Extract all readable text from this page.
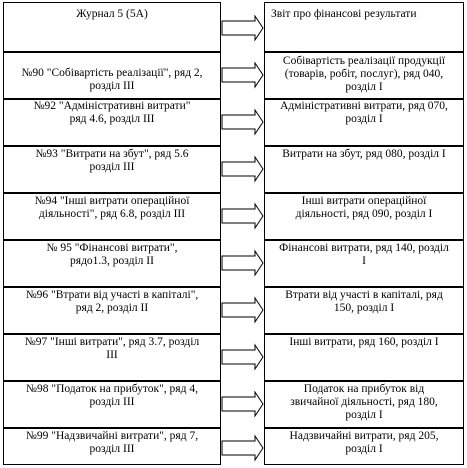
Журнал 5 (5А)	Звіт про фінансові результати
№90 "Собівартість реалізації", ряд 2,
розділ III
Собівартість реалізації продукції
(товарів, робіт, послуг), ряд 040,
розділ I
№92 "Адміністративні витрати"
ряд 4.6, розділ III
Адміністративні витрати, ряд 070,
розділ I
№93 "Витрати на збут", ряд 5.6
розділ III
Витрати на збут, ряд 080, розділ I
№94 "Інші витрати операційної
діяльності", ряд 6.8, розділ III
Інші витрати операційної
діяльності, ряд 090, розділ I
№ 95 "Фінансові витрати",
рядо1.3, розділ II
Фінансові витрати, ряд 140, розділ
I
№96 "Втрати від участі в капіталі",
ряд 2, розділ II
Втрати від участі в капіталі, ряд
150, розділ I
№97 "Інші витрати", ряд 3.7, розділ
III
Інші витрати, ряд 160, розділ I
№98 "Податок на прибуток", ряд 4,
розділ III
Податок на прибуток від
звичайної діяльності, ряд 180,
розділ I
№99 "Надзвичайні витрати", ряд 7,
розділ III
Надзвичайні витрати, ряд 205,
розділ I
